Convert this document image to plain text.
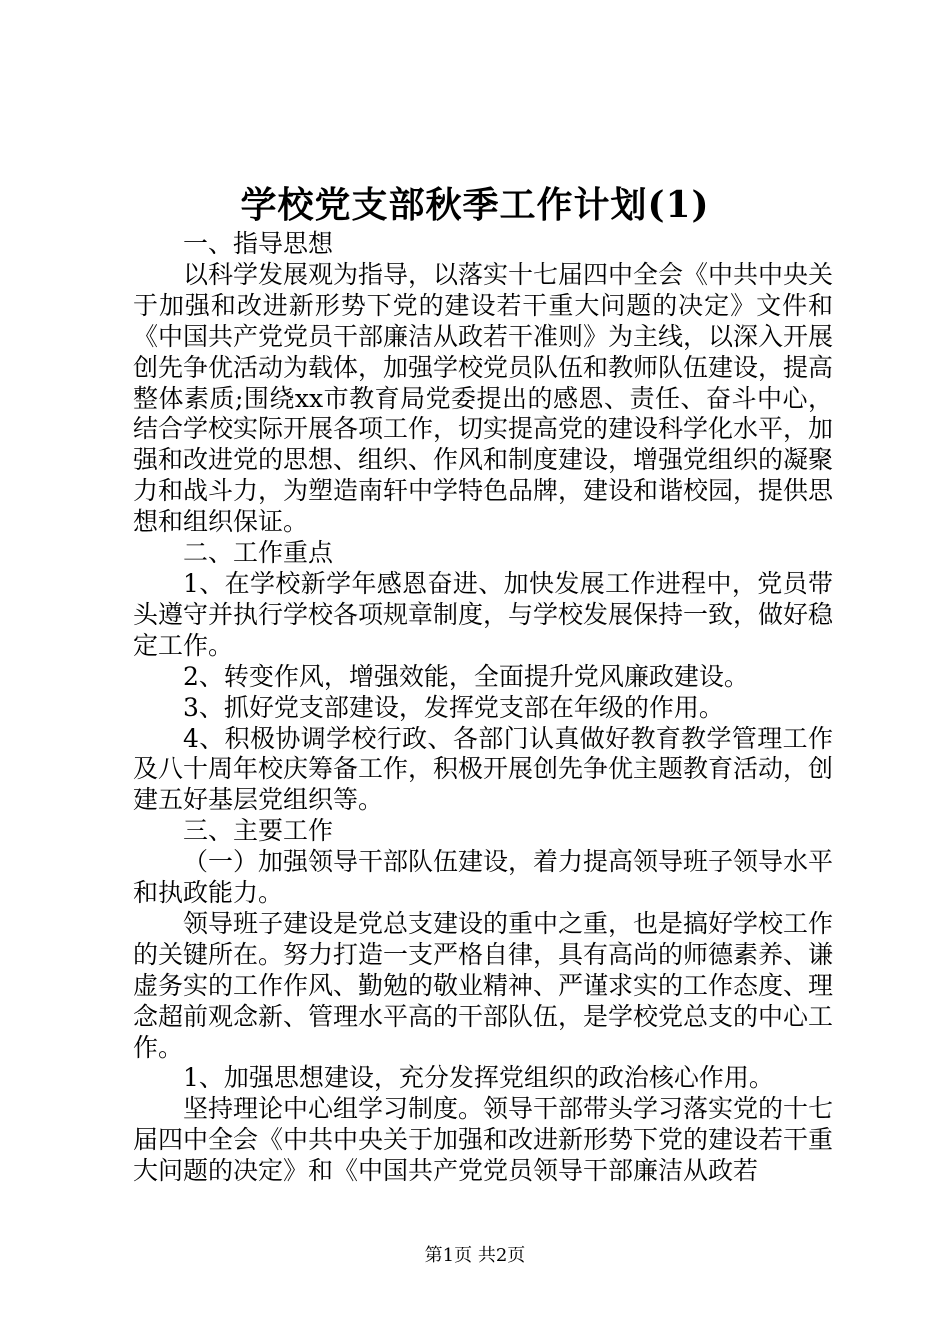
学校党支部秋季工作计划(1)

一、指导思想

以科学发展观为指导，以落实十七届四中全会《中共中央关于加强和改进新形势下党的建设若干重大问题的决定》文件和《中国共产党党员干部廉洁从政若干准则》为主线，以深入开展创先争优活动为载体，加强学校党员队伍和教师队伍建设，提高整体素质;围绕xx市教育局党委提出的感恩、责任、奋斗中心，结合学校实际开展各项工作，切实提高党的建设科学化水平，加强和改进党的思想、组织、作风和制度建设，增强党组织的凝聚力和战斗力，为塑造南轩中学特色品牌，建设和谐校园，提供思想和组织保证。

二、工作重点

1、在学校新学年感恩奋进、加快发展工作进程中，党员带头遵守并执行学校各项规章制度，与学校发展保持一致，做好稳定工作。

2、转变作风，增强效能，全面提升党风廉政建设。

3、抓好党支部建设，发挥党支部在年级的作用。

4、积极协调学校行政、各部门认真做好教育教学管理工作及八十周年校庆筹备工作，积极开展创先争优主题教育活动，创建五好基层党组织等。

三、主要工作

（一）加强领导干部队伍建设，着力提高领导班子领导水平和执政能力。

领导班子建设是党总支建设的重中之重，也是搞好学校工作的关键所在。努力打造一支严格自律，具有高尚的师德素养、谦虚务实的工作作风、勤勉的敬业精神、严谨求实的工作态度、理念超前观念新、管理水平高的干部队伍，是学校党总支的中心工作。

1、加强思想建设，充分发挥党组织的政治核心作用。

坚持理论中心组学习制度。领导干部带头学习落实党的十七届四中全会《中共中央关于加强和改进新形势下党的建设若干重大问题的决定》和《中国共产党党员领导干部廉洁从政若

第1页 共2页
